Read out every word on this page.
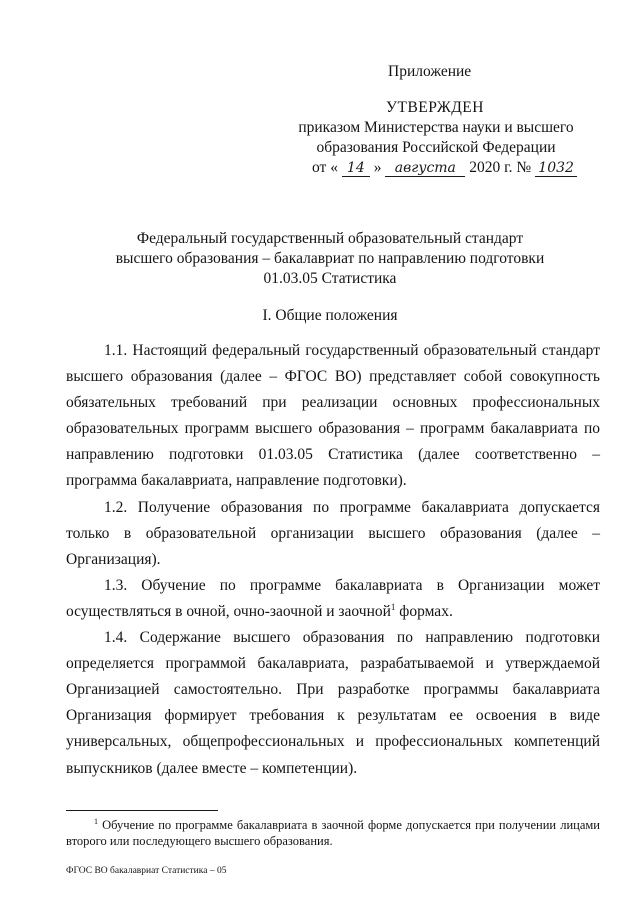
Приложение

УТВЕРЖДЕН

приказом Министерства науки и высшего

образования Российской Федерации

от « 14 » августа 2020 г. № 1032

Федеральный государственный образовательный стандарт

высшего образования – бакалавриат по направлению подготовки

01.03.05 Статистика

I. Общие положения

1.1. Настоящий федеральный государственный образовательный стандарт высшего образования (далее – ФГОС ВО) представляет собой совокупность обязательных требований при реализации основных профессиональных образовательных программ высшего образования – программ бакалавриата по направлению подготовки 01.03.05 Статистика (далее соответственно – программа бакалавриата, направление подготовки).

1.2. Получение образования по программе бакалавриата допускается только в образовательной организации высшего образования (далее – Организация).

1.3. Обучение по программе бакалавриата в Организации может осуществляться в очной, очно-заочной и заочной$^1$ формах.

1.4. Содержание высшего образования по направлению подготовки определяется программой бакалавриата, разрабатываемой и утверждаемой Организацией самостоятельно. При разработке программы бакалавриата Организация формирует требования к результатам ее освоения в виде универсальных, общепрофессиональных и профессиональных компетенций выпускников (далее вместе – компетенции).

$^1$ Обучение по программе бакалавриата в заочной форме допускается при получении лицами второго или последующего высшего образования.
ФГОС ВО бакалавриат Статистика – 05
